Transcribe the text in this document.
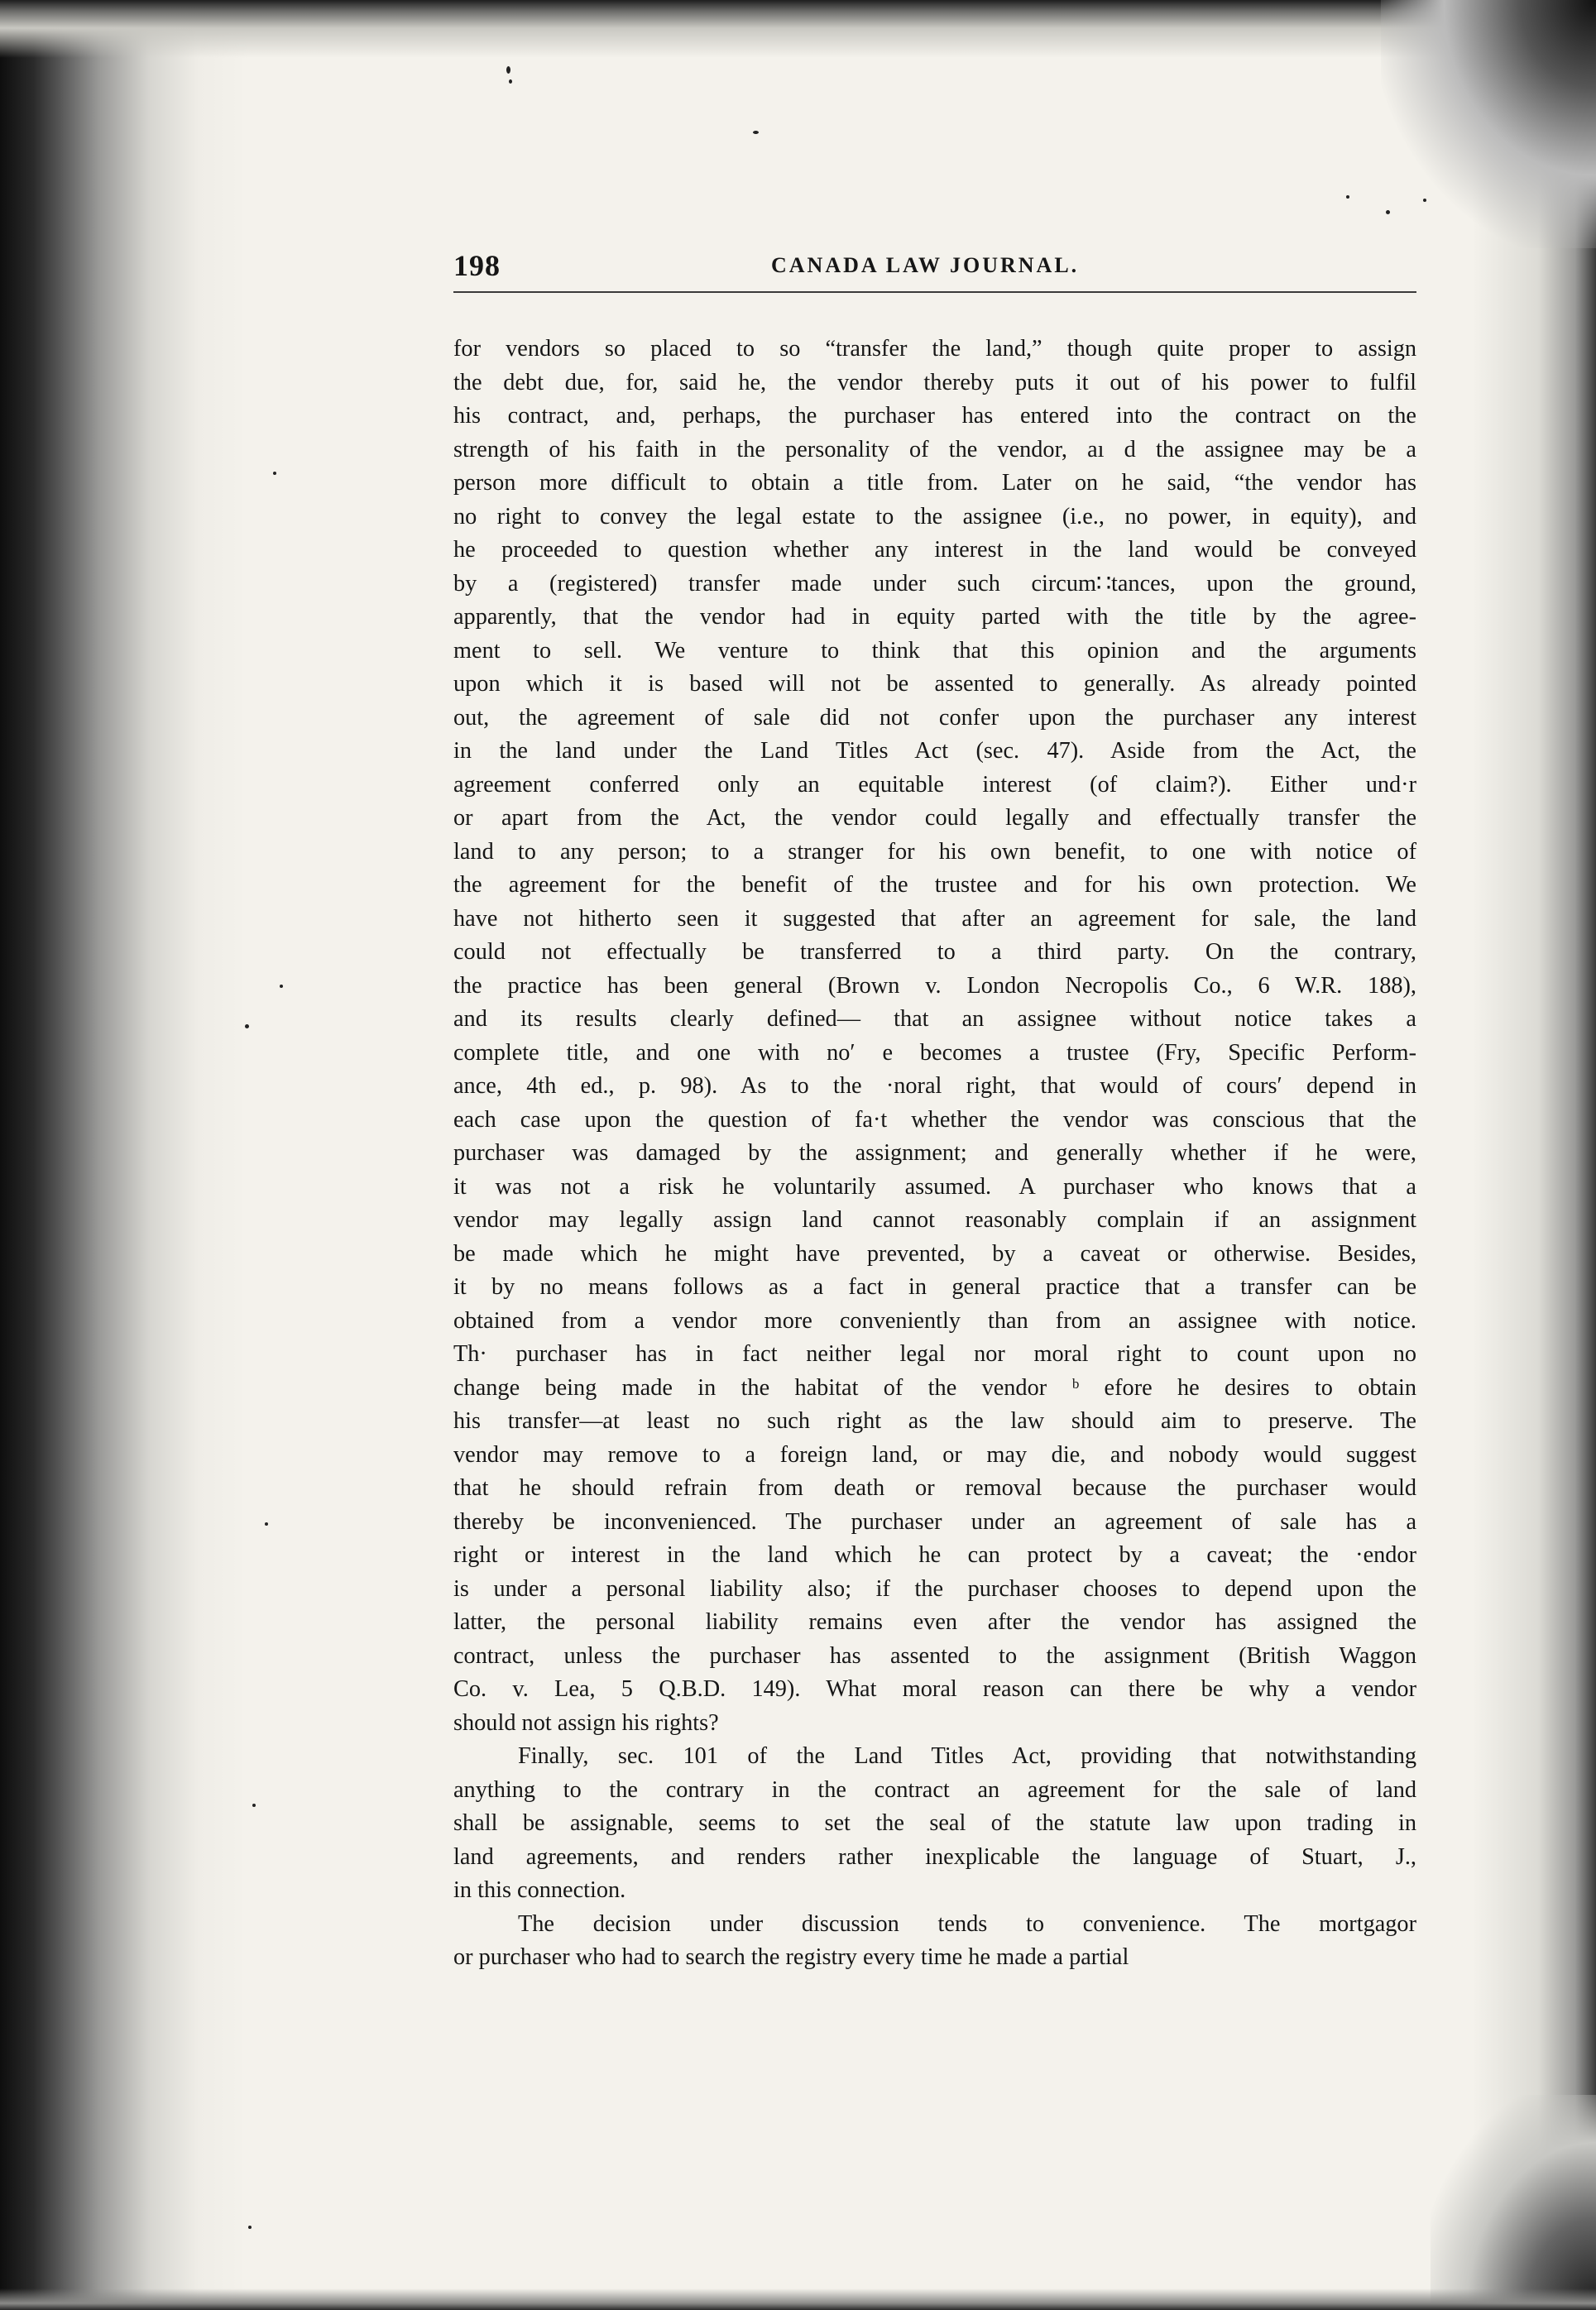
198	CANADA LAW JOURNAL.
for vendors so placed to so “transfer the land,” though quite proper to assign
the debt due, for, said he, the vendor thereby puts it out of his power to fulfil
his contract, and, perhaps, the purchaser has entered into the contract on the
strength of his faith in the personality of the vendor, aı d the assignee may be a
person more difficult to obtain a title from. Later on he said, “the vendor has
no right to convey the legal estate to the assignee (i.e., no power, in equity), and
he proceeded to question whether any interest in the land would be conveyed
by a (registered) transfer made under such circum∷tances, upon the ground,
apparently, that the vendor had in equity parted with the title by the agree-
ment to sell. We venture to think that this opinion and the arguments
upon which it is based will not be assented to generally. As already pointed
out, the agreement of sale did not confer upon the purchaser any interest
in the land under the Land Titles Act (sec. 47). Aside from the Act, the
agreement conferred only an equitable interest (of claim?). Either und·r
or apart from the Act, the vendor could legally and effectually transfer the
land to any person; to a stranger for his own benefit, to one with notice of
the agreement for the benefit of the trustee and for his own protection. We
have not hitherto seen it suggested that after an agreement for sale, the land
could not effectually be transferred to a third party. On the contrary,
the practice has been general (Brown v. London Necropolis Co., 6 W.R. 188),
and its results clearly defined— that an assignee without notice takes a
complete title, and one with no′ e becomes a trustee (Fry, Specific Perform-
ance, 4th ed., p. 98). As to the ·noral right, that would of cours′ depend in
each case upon the question of fa·t whether the vendor was conscious that the
purchaser was damaged by the assignment; and generally whether if he were,
it was not a risk he voluntarily assumed. A purchaser who knows that a
vendor may legally assign land cannot reasonably complain if an assignment
be made which he might have prevented, by a caveat or otherwise. Besides,
it by no means follows as a fact in general practice that a transfer can be
obtained from a vendor more conveniently than from an assignee with notice.
Th· purchaser has in fact neither legal nor moral right to count upon no
change being made in the habitat of the vendor ᵇ efore he desires to obtain
his transfer—at least no such right as the law should aim to preserve. The
vendor may remove to a foreign land, or may die, and nobody would suggest
that he should refrain from death or removal because the purchaser would
thereby be inconvenienced. The purchaser under an agreement of sale has a
right or interest in the land which he can protect by a caveat; the ·endor
is under a personal liability also; if the purchaser chooses to depend upon the
latter, the personal liability remains even after the vendor has assigned the
contract, unless the purchaser has assented to the assignment (British Waggon
Co. v. Lea, 5 Q.B.D. 149). What moral reason can there be why a vendor
should not assign his rights?
Finally, sec. 101 of the Land Titles Act, providing that notwithstanding
anything to the contrary in the contract an agreement for the sale of land
shall be assignable, seems to set the seal of the statute law upon trading in
land agreements, and renders rather inexplicable the language of Stuart, J.,
in this connection.
The decision under discussion tends to convenience. The mortgagor
or purchaser who had to search the registry every time he made a partial
